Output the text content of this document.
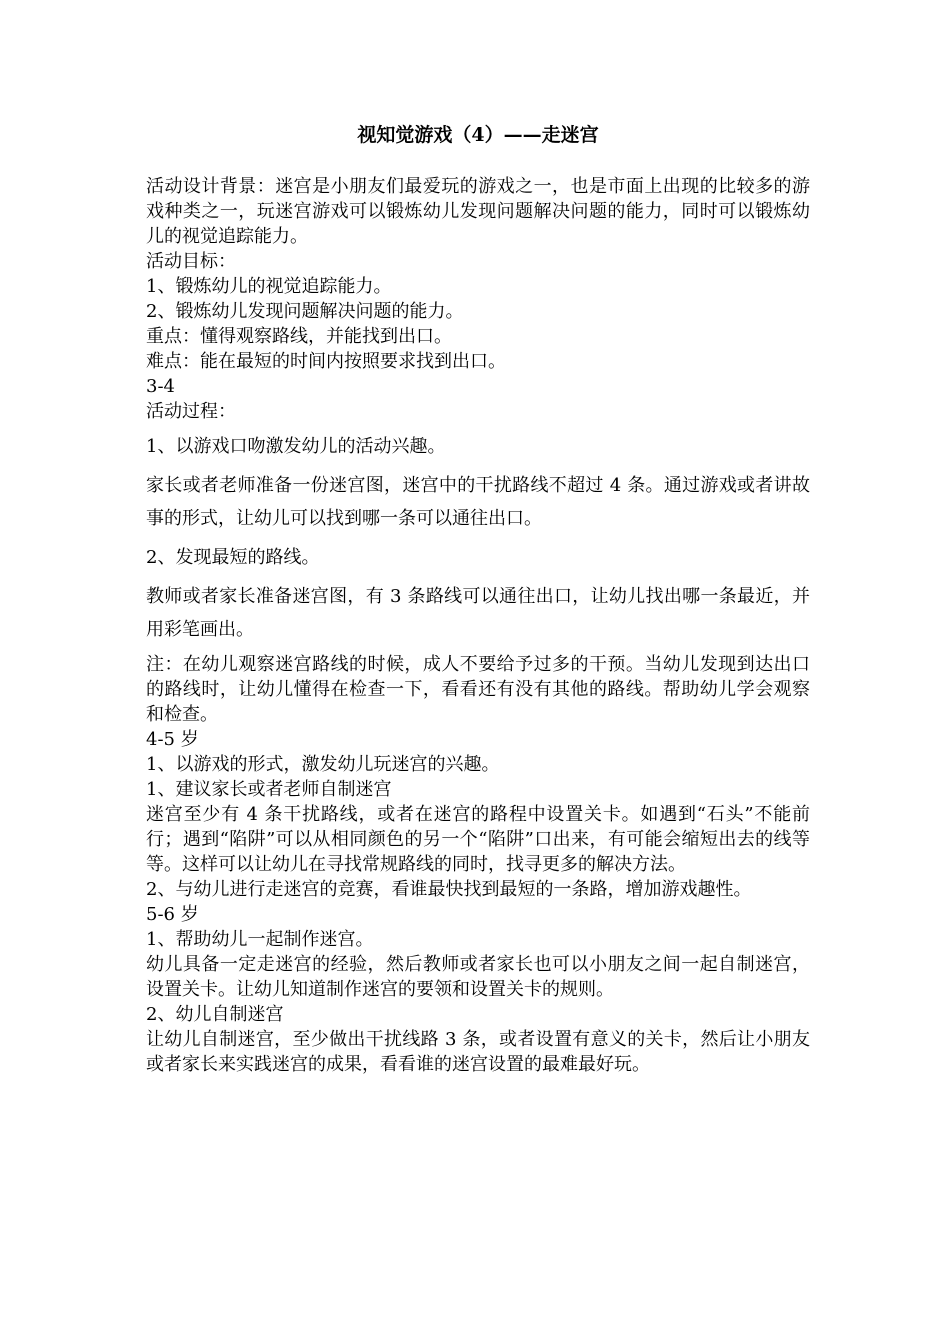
视知觉游戏（4）——走迷宫

活动设计背景：迷宫是小朋友们最爱玩的游戏之一，也是市面上出现的比较多的游戏种类之一，玩迷宫游戏可以锻炼幼儿发现问题解决问题的能力，同时可以锻炼幼儿的视觉追踪能力。

活动目标：

1、锻炼幼儿的视觉追踪能力。

2、锻炼幼儿发现问题解决问题的能力。

重点：懂得观察路线，并能找到出口。

难点：能在最短的时间内按照要求找到出口。

3-4

活动过程：

1、以游戏口吻激发幼儿的活动兴趣。

家长或者老师准备一份迷宫图，迷宫中的干扰路线不超过 4 条。通过游戏或者讲故事的形式，让幼儿可以找到哪一条可以通往出口。

2、发现最短的路线。

教师或者家长准备迷宫图，有 3 条路线可以通往出口，让幼儿找出哪一条最近，并用彩笔画出。

注：在幼儿观察迷宫路线的时候，成人不要给予过多的干预。当幼儿发现到达出口的路线时，让幼儿懂得在检查一下，看看还有没有其他的路线。帮助幼儿学会观察和检查。

4-5 岁

1、以游戏的形式，激发幼儿玩迷宫的兴趣。

1、建议家长或者老师自制迷宫

迷宫至少有 4 条干扰路线，或者在迷宫的路程中设置关卡。如遇到“石头”不能前行；遇到“陷阱”可以从相同颜色的另一个“陷阱”口出来，有可能会缩短出去的线等等。这样可以让幼儿在寻找常规路线的同时，找寻更多的解决方法。

2、与幼儿进行走迷宫的竞赛，看谁最快找到最短的一条路，增加游戏趣性。

5-6 岁

1、帮助幼儿一起制作迷宫。

幼儿具备一定走迷宫的经验，然后教师或者家长也可以小朋友之间一起自制迷宫，设置关卡。让幼儿知道制作迷宫的要领和设置关卡的规则。

2、幼儿自制迷宫

让幼儿自制迷宫，至少做出干扰线路 3 条，或者设置有意义的关卡，然后让小朋友或者家长来实践迷宫的成果，看看谁的迷宫设置的最难最好玩。
